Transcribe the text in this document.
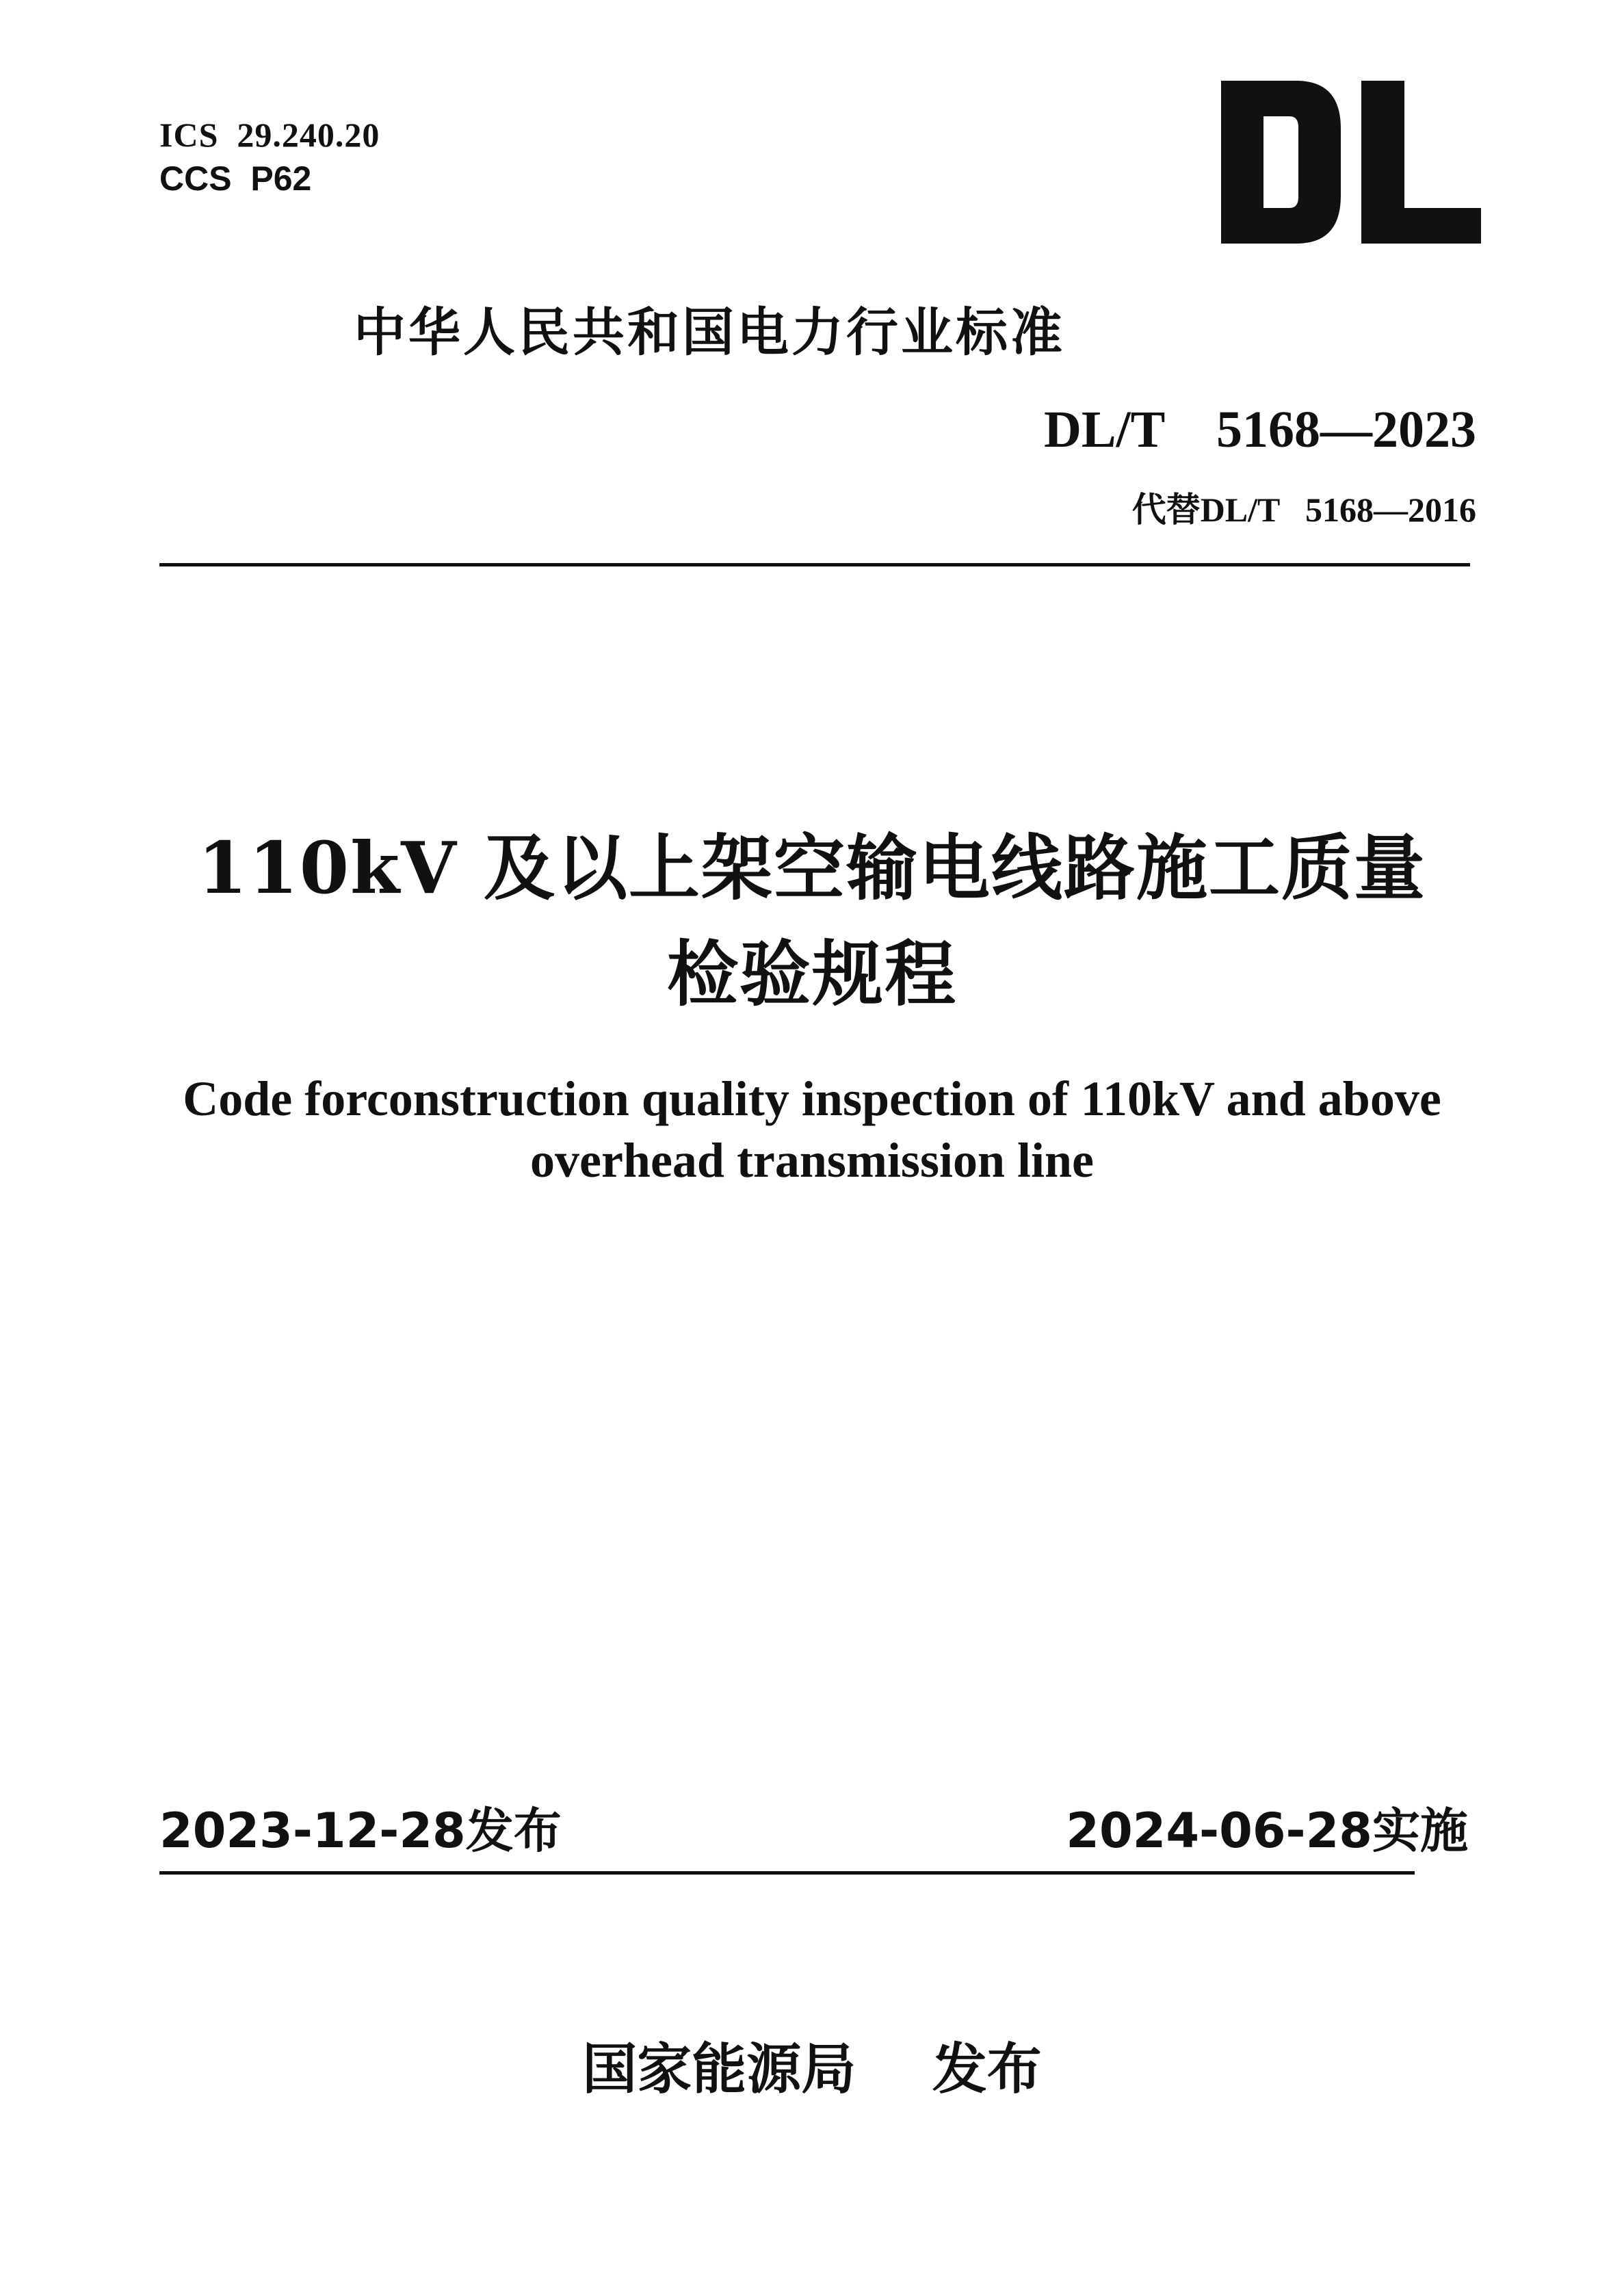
ICS  29.240.20
CCS  P62
中华人民共和国电力行业标准
DL/T    5168—2023
代替DL/T   5168—2016
110kV 及以上架空输电线路施工质量
检验规程
Code forconstruction quality inspection of 110kV and above
overhead transmission line
2023-12-28发布	2024-06-28实施
国家能源局    发布
